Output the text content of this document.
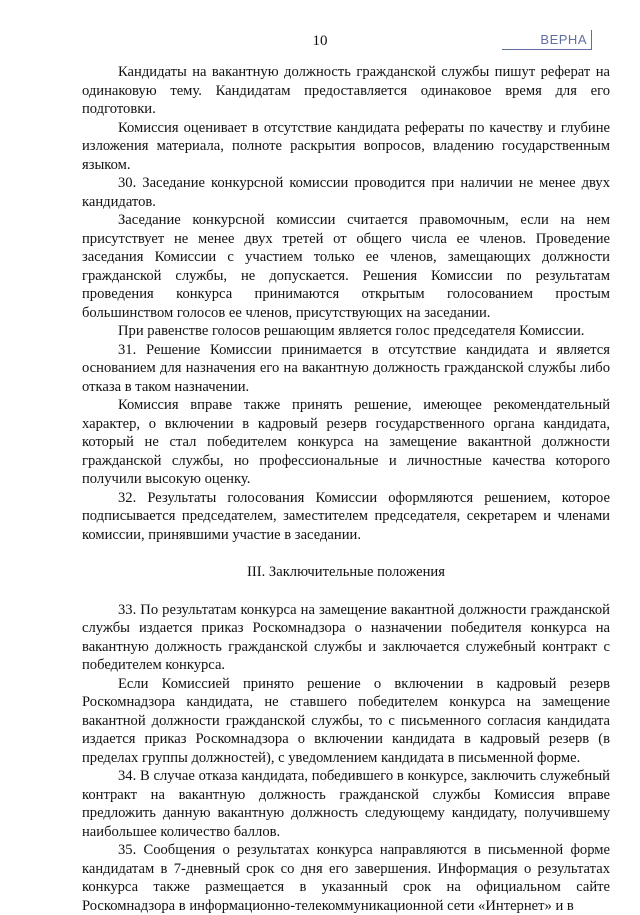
10	ВЕРНА

Кандидаты на вакантную должность гражданской службы пишут реферат на одинаковую тему. Кандидатам предоставляется одинаковое время для его подготовки.

Комиссия оценивает в отсутствие кандидата рефераты по качеству и глубине изложения материала, полноте раскрытия вопросов, владению государственным языком.

30. Заседание конкурсной комиссии проводится при наличии не менее двух кандидатов.

Заседание конкурсной комиссии считается правомочным, если на нем присутствует не менее двух третей от общего числа ее членов. Проведение заседания Комиссии с участием только ее членов, замещающих должности гражданской службы, не допускается. Решения Комиссии по результатам проведения конкурса принимаются открытым голосованием простым большинством голосов ее членов, присутствующих на заседании.

При равенстве голосов решающим является голос председателя Комиссии.

31. Решение Комиссии принимается в отсутствие кандидата и является основанием для назначения его на вакантную должность гражданской службы либо отказа в таком назначении.

Комиссия вправе также принять решение, имеющее рекомендательный характер, о включении в кадровый резерв государственного органа кандидата, который не стал победителем конкурса на замещение вакантной должности гражданской службы, но профессиональные и личностные качества которого получили высокую оценку.

32. Результаты голосования Комиссии оформляются решением, которое подписывается председателем, заместителем председателя, секретарем и членами комиссии, принявшими участие в заседании.

III. Заключительные положения

33. По результатам конкурса на замещение вакантной должности гражданской службы издается приказ Роскомнадзора о назначении победителя конкурса на вакантную должность гражданской службы и заключается служебный контракт с победителем конкурса.

Если Комиссией принято решение о включении в кадровый резерв Роскомнадзора кандидата, не ставшего победителем конкурса на замещение вакантной должности гражданской службы, то с письменного согласия кандидата издается приказ Роскомнадзора о включении кандидата в кадровый резерв (в пределах группы должностей), с уведомлением кандидата в письменной форме.

34. В случае отказа кандидата, победившего в конкурсе, заключить служебный контракт на вакантную должность гражданской службы Комиссия вправе предложить данную вакантную должность следующему кандидату, получившему наибольшее количество баллов.

35. Сообщения о результатах конкурса направляются в письменной форме кандидатам в 7-дневный срок со дня его завершения. Информация о результатах конкурса также размещается в указанный срок на официальном сайте Роскомнадзора в информационно-телекоммуникационной сети «Интернет» и в
